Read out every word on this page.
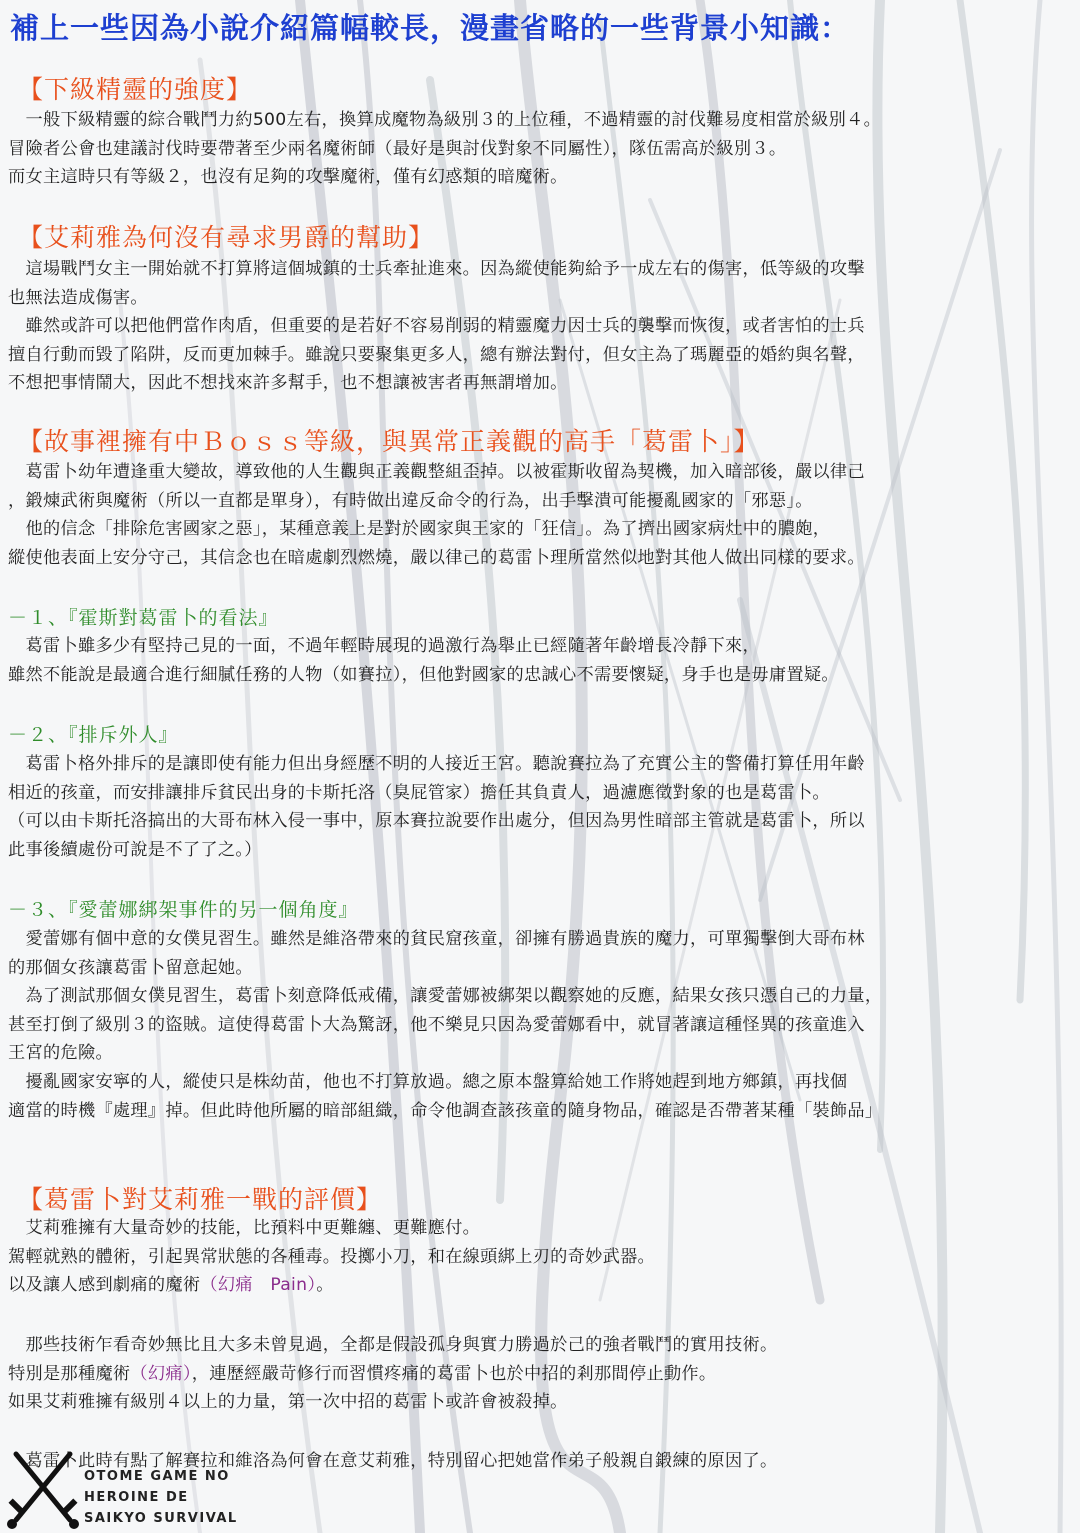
補上一些因為小說介紹篇幅較長，漫畫省略的一些背景小知識：
【下級精靈的強度】
　一般下級精靈的綜合戰鬥力約500左右，換算成魔物為級別３的上位種，不過精靈的討伐難易度相當於級別４。
冒險者公會也建議討伐時要帶著至少兩名魔術師（最好是與討伐對象不同屬性），隊伍需高於級別３。
而女主這時只有等級２，也沒有足夠的攻擊魔術，僅有幻惑類的暗魔術。
【艾莉雅為何沒有尋求男爵的幫助】
　這場戰鬥女主一開始就不打算將這個城鎮的士兵牽扯進來。因為縱使能夠給予一成左右的傷害，低等級的攻擊
也無法造成傷害。
　雖然或許可以把他們當作肉盾，但重要的是若好不容易削弱的精靈魔力因士兵的襲擊而恢復，或者害怕的士兵
擅自行動而毀了陷阱，反而更加棘手。雖說只要聚集更多人，總有辦法對付，但女主為了瑪麗亞的婚約與名聲，
不想把事情鬧大，因此不想找來許多幫手，也不想讓被害者再無謂增加。
【故事裡擁有中Ｂｏｓｓ等級，與異常正義觀的高手「葛雷卜」】
　葛雷卜幼年遭逢重大變故，導致他的人生觀與正義觀整組歪掉。以被霍斯收留為契機，加入暗部後，嚴以律己
，鍛煉武術與魔術（所以一直都是單身），有時做出違反命令的行為，出手擊潰可能擾亂國家的「邪惡」。
　他的信念「排除危害國家之惡」，某種意義上是對於國家與王家的「狂信」。為了擠出國家病灶中的膿皰，
縱使他表面上安分守己，其信念也在暗處劇烈燃燒，嚴以律己的葛雷卜理所當然似地對其他人做出同樣的要求。
－１、『霍斯對葛雷卜的看法』
　葛雷卜雖多少有堅持己見的一面，不過年輕時展現的過激行為舉止已經隨著年齡增長冷靜下來，
雖然不能說是最適合進行細膩任務的人物（如賽拉），但他對國家的忠誠心不需要懷疑，身手也是毋庸置疑。
－２、『排斥外人』
　葛雷卜格外排斥的是讓即使有能力但出身經歷不明的人接近王宮。聽說賽拉為了充實公主的警備打算任用年齡
相近的孩童，而安排讓排斥貧民出身的卡斯托洛（臭屁管家）擔任其負責人，過濾應徵對象的也是葛雷卜。
（可以由卡斯托洛搞出的大哥布林入侵一事中，原本賽拉說要作出處分，但因為男性暗部主管就是葛雷卜，所以
此事後續處份可說是不了了之。）
－３、『愛蕾娜綁架事件的另一個角度』
　愛蕾娜有個中意的女僕見習生。雖然是維洛帶來的貧民窟孩童，卻擁有勝過貴族的魔力，可單獨擊倒大哥布林
的那個女孩讓葛雷卜留意起她。
　為了測試那個女僕見習生，葛雷卜刻意降低戒備，讓愛蕾娜被綁架以觀察她的反應，結果女孩只憑自己的力量，
甚至打倒了級別３的盜賊。這使得葛雷卜大為驚訝，他不樂見只因為愛蕾娜看中，就冒著讓這種怪異的孩童進入
王宮的危險。
　擾亂國家安寧的人，縱使只是株幼苗，他也不打算放過。總之原本盤算給她工作將她趕到地方鄉鎮，再找個
適當的時機『處理』掉。但此時他所屬的暗部組織，命令他調查該孩童的隨身物品，確認是否帶著某種「裝飾品」
【葛雷卜對艾莉雅一戰的評價】
　艾莉雅擁有大量奇妙的技能，比預料中更難纏、更難應付。
駕輕就熟的體術，引起異常狀態的各種毒。投擲小刀，和在線頭綁上刃的奇妙武器。
以及讓人感到劇痛的魔術（幻痛　Pain）。
　那些技術乍看奇妙無比且大多未曾見過，全都是假設孤身與實力勝過於己的強者戰鬥的實用技術。
特別是那種魔術（幻痛），連歷經嚴苛修行而習慣疼痛的葛雷卜也於中招的剎那間停止動作。
如果艾莉雅擁有級別４以上的力量，第一次中招的葛雷卜或許會被殺掉。
　葛雷卜此時有點了解賽拉和維洛為何會在意艾莉雅，特別留心把她當作弟子般親自鍛練的原因了。
OTOME GAME NO
HEROINE DE
SAIKYO SURVIVAL
